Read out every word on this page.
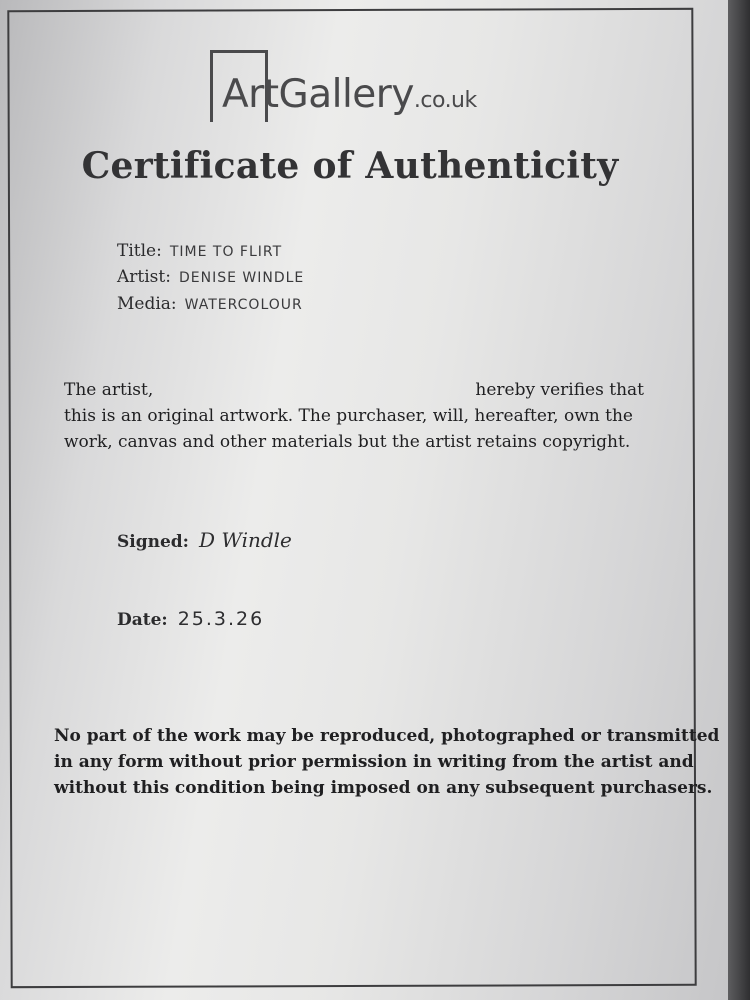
ArtGallery.co.uk
Certificate of Authenticity
Title: TIME TO FLIRT
Artist: DENISE WINDLE
Media: WATERCOLOUR
The artist,	hereby verifies that
this is an original artwork. The purchaser, will, hereafter, own the
work, canvas and other materials but the artist retains copyright.
Signed: D Windle
Date: 25.3.26

No part of the work may be reproduced, photographed or transmitted

in any form without prior permission in writing from the artist and

without this condition being imposed on any subsequent purchasers.
